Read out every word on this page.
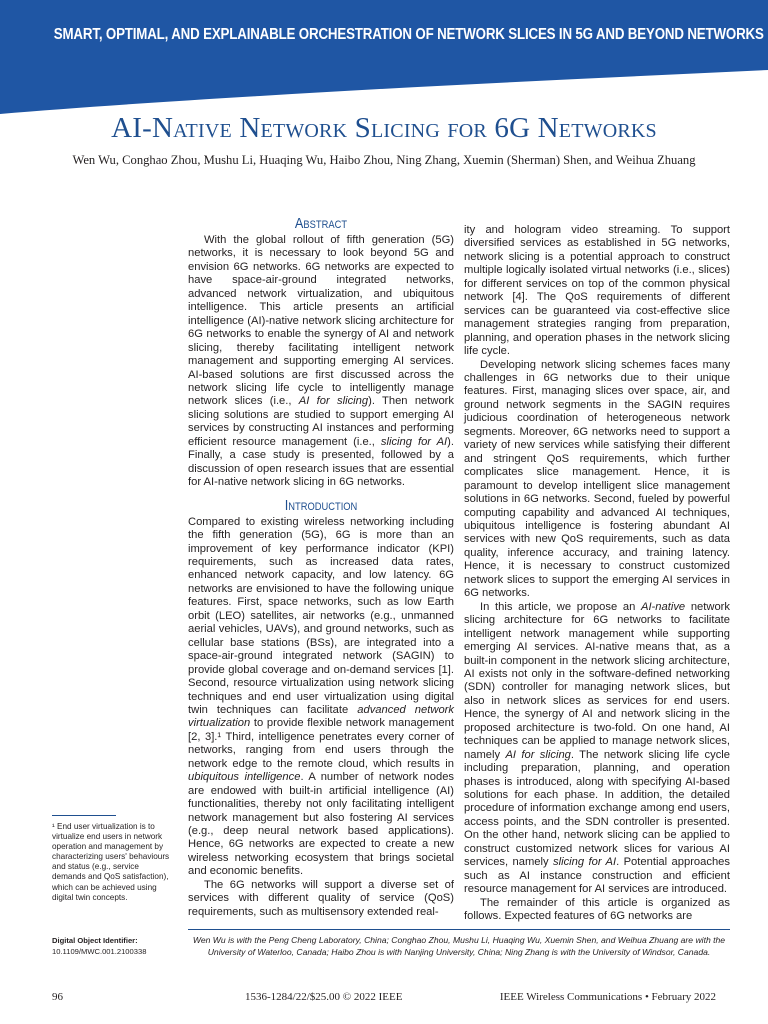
SMART, OPTIMAL, AND EXPLAINABLE ORCHESTRATION OF NETWORK SLICES IN 5G AND BEYOND NETWORKS
AI-Native Network Slicing for 6G Networks
Wen Wu, Conghao Zhou, Mushu Li, Huaqing Wu, Haibo Zhou, Ning Zhang, Xuemin (Sherman) Shen, and Weihua Zhuang
Abstract

With the global rollout of fifth generation (5G) networks, it is necessary to look beyond 5G and envision 6G networks. 6G networks are expected to have space-air-ground integrated networks, advanced network virtualization, and ubiquitous intelligence. This article presents an artificial intelligence (AI)-native network slicing architecture for 6G networks to enable the synergy of AI and network slicing, thereby facilitating intelligent network management and supporting emerging AI services. AI-based solutions are first discussed across the network slicing life cycle to intelligently manage network slices (i.e., AI for slicing). Then network slicing solutions are studied to support emerging AI services by constructing AI instances and performing efficient resource management (i.e., slicing for AI). Finally, a case study is presented, followed by a discussion of open research issues that are essential for AI-native network slicing in 6G networks.

Introduction

Compared to existing wireless networking including the fifth generation (5G), 6G is more than an improvement of key performance indicator (KPI) requirements, such as increased data rates, enhanced network capacity, and low latency. 6G networks are envisioned to have the following unique features. First, space networks, such as low Earth orbit (LEO) satellites, air networks (e.g., unmanned aerial vehicles, UAVs), and ground networks, such as cellular base stations (BSs), are integrated into a space-air-ground integrated network (SAGIN) to provide global coverage and on-demand services [1]. Second, resource virtualization using network slicing techniques and end user virtualization using digital twin techniques can facilitate advanced network virtualization to provide flexible network management [2, 3].¹ Third, intelligence penetrates every corner of networks, ranging from end users through the network edge to the remote cloud, which results in ubiquitous intelligence. A number of network nodes are endowed with built-in artificial intelligence (AI) functionalities, thereby not only facilitating intelligent network management but also fostering AI services (e.g., deep neural network based applications). Hence, 6G networks are expected to create a new wireless networking ecosystem that brings societal and economic benefits.

The 6G networks will support a diverse set of services with different quality of service (QoS) requirements, such as multisensory extended real-

ity and hologram video streaming. To support diversified services as established in 5G networks, network slicing is a potential approach to construct multiple logically isolated virtual networks (i.e., slices) for different services on top of the common physical network [4]. The QoS requirements of different services can be guaranteed via cost-effective slice management strategies ranging from preparation, planning, and operation phases in the network slicing life cycle.

Developing network slicing schemes faces many challenges in 6G networks due to their unique features. First, managing slices over space, air, and ground network segments in the SAGIN requires judicious coordination of heterogeneous network segments. Moreover, 6G networks need to support a variety of new services while satisfying their different and stringent QoS requirements, which further complicates slice management. Hence, it is paramount to develop intelligent slice management solutions in 6G networks. Second, fueled by powerful computing capability and advanced AI techniques, ubiquitous intelligence is fostering abundant AI services with new QoS requirements, such as data quality, inference accuracy, and training latency. Hence, it is necessary to construct customized network slices to support the emerging AI services in 6G networks.

In this article, we propose an AI-native network slicing architecture for 6G networks to facilitate intelligent network management while supporting emerging AI services. AI-native means that, as a built-in component in the network slicing architecture, AI exists not only in the software-defined networking (SDN) controller for managing network slices, but also in network slices as services for end users. Hence, the synergy of AI and network slicing in the proposed architecture is two-fold. On one hand, AI techniques can be applied to manage network slices, namely AI for slicing. The network slicing life cycle including preparation, planning, and operation phases is introduced, along with specifying AI-based solutions for each phase. In addition, the detailed procedure of information exchange among end users, access points, and the SDN controller is presented. On the other hand, network slicing can be applied to construct customized network slices for various AI services, namely slicing for AI. Potential approaches such as AI instance construction and efficient resource management for AI services are introduced.

The remainder of this article is organized as follows. Expected features of 6G networks are

¹ End user virtualization is to virtualize end users in network operation and management by characterizing users' behaviours and status (e.g., service demands and QoS satisfaction), which can be achieved using digital twin concepts.
Digital Object Identifier:
10.1109/MWC.001.2100338
Wen Wu is with the Peng Cheng Laboratory, China; Conghao Zhou, Mushu Li, Huaqing Wu, Xuemin Shen, and Weihua Zhuang are with the University of Waterloo, Canada; Haibo Zhou is with Nanjing University, China; Ning Zhang is with the University of Windsor, Canada.
96	1536-1284/22/$25.00 © 2022 IEEE	IEEE Wireless Communications • February 2022
